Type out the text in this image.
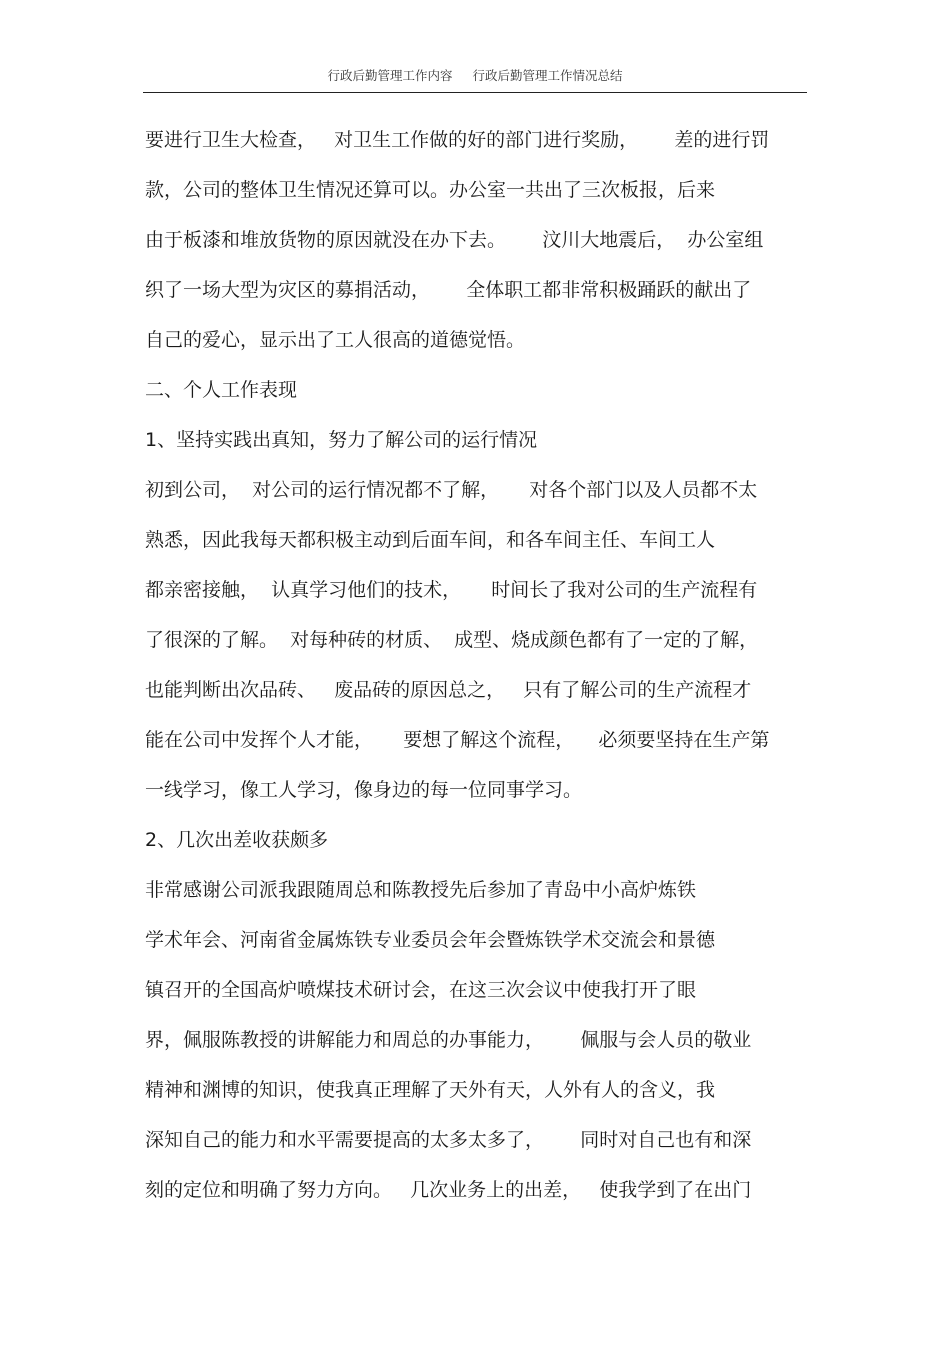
行政后勤管理工作内容 行政后勤管理工作情况总结
要进行卫生大检查，   对卫生工作做的好的部门进行奖励，      差的进行罚
款，公司的整体卫生情况还算可以。办公室一共出了三次板报，后来
由于板漆和堆放货物的原因就没在办下去。      汶川大地震后，  办公室组
织了一场大型为灾区的募捐活动，      全体职工都非常积极踊跃的献出了
自己的爱心，显示出了工人很高的道德觉悟。
二、个人工作表现
1、坚持实践出真知，努力了解公司的运行情况
初到公司，  对公司的运行情况都不了解，     对各个部门以及人员都不太
熟悉，因此我每天都积极主动到后面车间，和各车间主任、车间工人
都亲密接触，  认真学习他们的技术，     时间长了我对公司的生产流程有
了很深的了解。  对每种砖的材质、  成型、烧成颜色都有了一定的了解，
也能判断出次品砖、   废品砖的原因总之，   只有了解公司的生产流程才
能在公司中发挥个人才能，     要想了解这个流程，    必须要坚持在生产第
一线学习，像工人学习，像身边的每一位同事学习。
2、几次出差收获颇多
非常感谢公司派我跟随周总和陈教授先后参加了青岛中小高炉炼铁
学术年会、河南省金属炼铁专业委员会年会暨炼铁学术交流会和景德
镇召开的全国高炉喷煤技术研讨会，在这三次会议中使我打开了眼
界，佩服陈教授的讲解能力和周总的办事能力，      佩服与会人员的敬业
精神和渊博的知识，使我真正理解了天外有天，人外有人的含义，我
深知自己的能力和水平需要提高的太多太多了，      同时对自己也有和深
刻的定位和明确了努力方向。   几次业务上的出差，   使我学到了在出门
